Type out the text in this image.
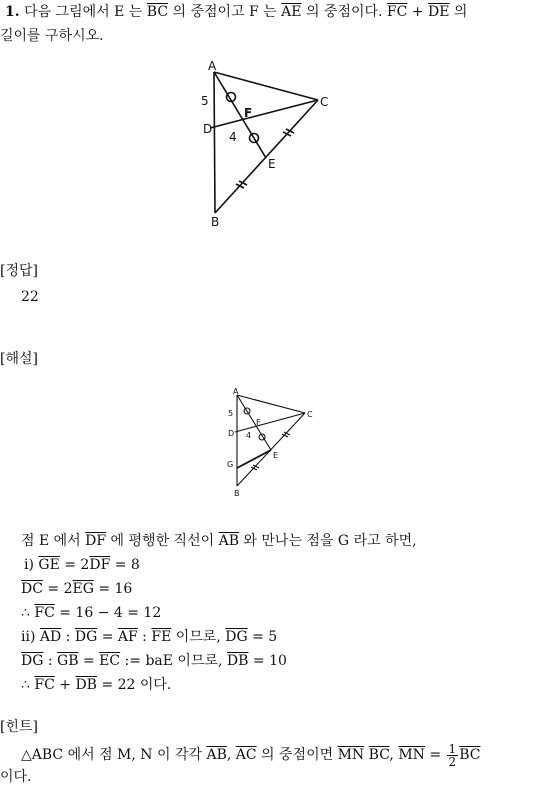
1. 다음 그림에서 E 는 $\overline{BC}$ 의 중점이고 F 는 $\overline{AE}$ 의 중점이다. $\overline{FC} + \overline{DE}$ 의
길이를 구하시오.
A
C
D
F
E
B
5
4
[정답]
22
[해설]
A
C
D
F
E
G
B
5
4
점 E 에서 $\overline{DF}$ 에 평행한 직선이 $\overline{AB}$ 와 만나는 점을 G 라고 하면,
ⅰ) $\overline{GE} = 2\overline{DF} = 8$
$\overline{DC} = 2\overline{EG} = 16$
∴ $\overline{FC} = 16 - 4 = 12$
ⅱ) $\overline{AD}$ : $\overline{DG} = \overline{AF}$ : $\overline{FE}$ 이므로, $\overline{DG} = 5$
$\overline{DG}$ : $\overline{GB} = \overline{EC}$ := baE 이므로, $\overline{DB} = 10$
∴ $\overline{FC} + \overline{DB} = 22$ 이다.
[힌트]
△ABC 에서 점 M, N 이 각각 $\overline{AB}$, $\overline{AC}$ 의 중점이면 $\overline{MN}$ $\overline{BC}$, $\overline{MN} = \frac{1}{2} \overline{BC}$
이다.
